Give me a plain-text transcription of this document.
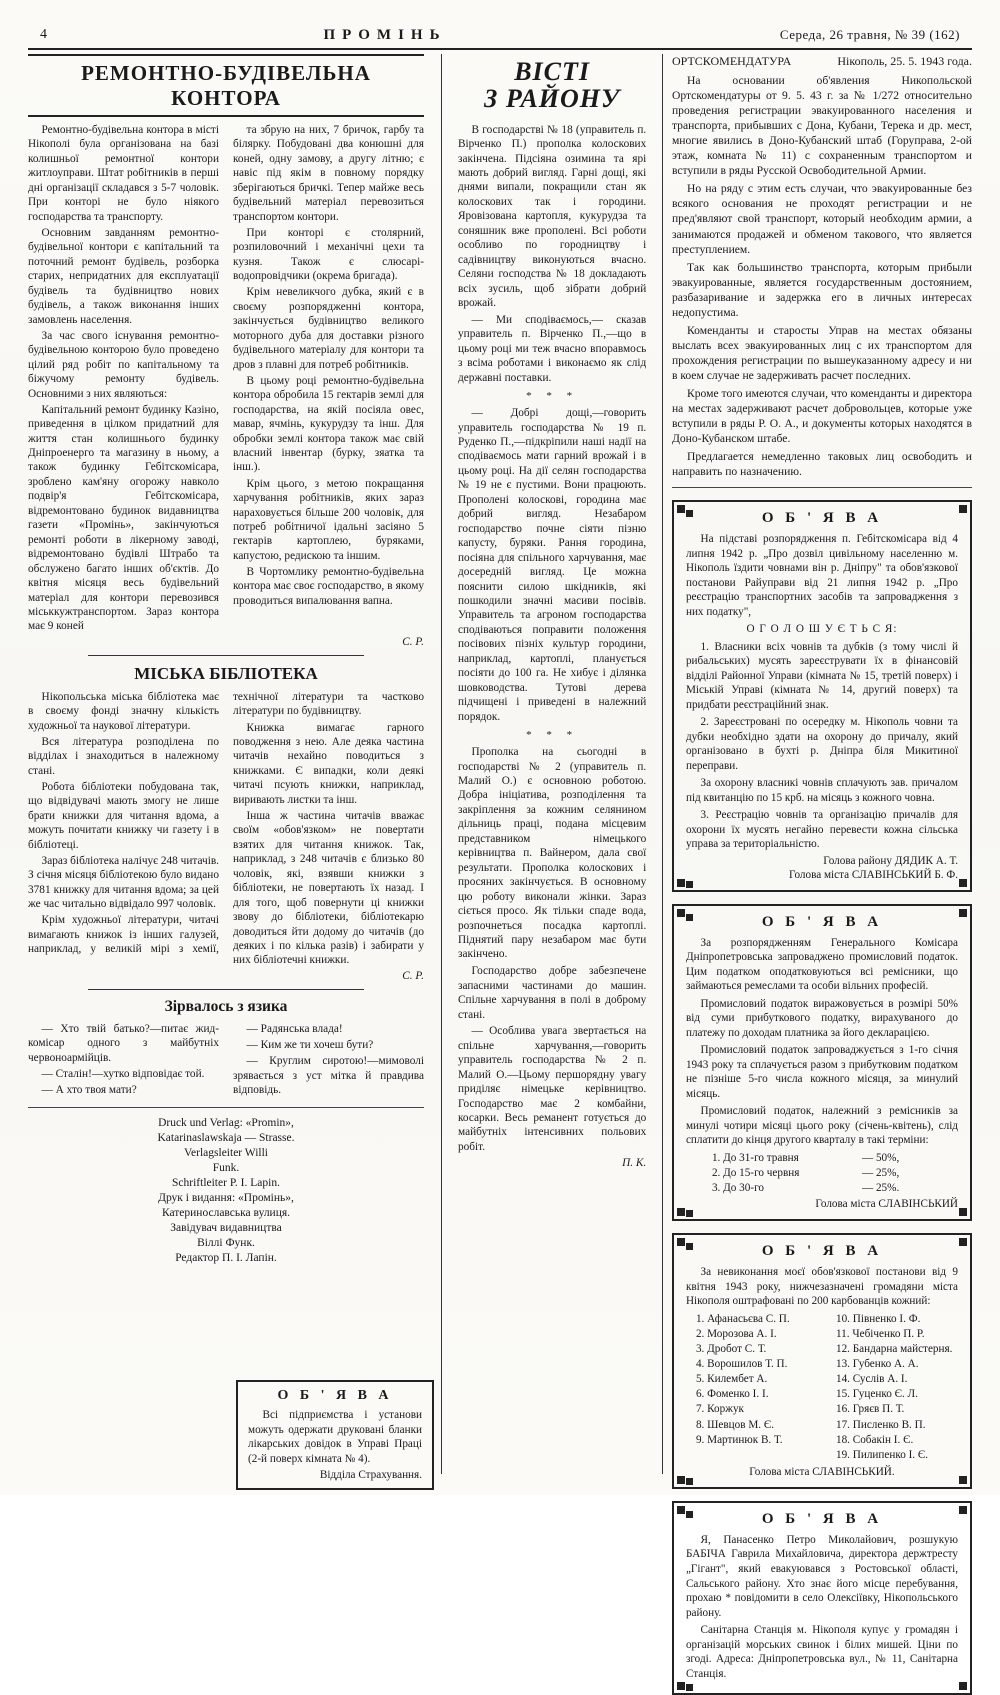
4	ПРОМІНЬ	Середа, 26 травня, № 39 (162)
РЕМОНТНО-БУДІВЕЛЬНА КОНТОРА

Ремонтно-будівельна контора в місті Нікополі була організована на базі колишньої ремонтної контори житлоуправи. Штат робітників в перші дні організації складався з 5-7 чоловік. При конторі не було ніякого господарства та транспорту.

Основним завданням ремонтно-будівельної контори є капітальний та поточний ремонт будівель, розборка старих, непридатних для експлуатації будівель та будівництво нових будівель, а також виконання інших замовлень населення.

За час свого існування ремонтно-будівельною конторою було проведено цілий ряд робіт по капітальному та біжучому ремонту будівель. Основними з них являються:

Капітальний ремонт будинку Казіно, приведення в цілком придатний для життя стан колишнього будинку Дніпроенерго та магазину в ньому, а також будинку Гебітскомісара, зроблено кам'яну огорожу навколо подвір'я Гебітскомісара, відремонтовано будинок видавництва газети «Промінь», закінчуються ремонті роботи в лікерному заводі, відремонтовано будівлі Штрабо та обслужено багато інших об'єктів. До квітня місяця весь будівельний матеріал для контори перевозився міськкужтранспортом. Зараз контора має 9 коней

та збрую на них, 7 бричок, гарбу та білярку. Побудовані два конюшні для коней, одну замову, а другу літню; є навіс під якім в повному порядку зберігаються бричкі. Тепер майже весь будівельний матеріал перевозиться транспортом контори.

При конторі є столярний, розпиловочний і механічні цехи та кузня. Також є слюсарі-водопровідчики (окрема бригада).

Крім невеликчого дубка, який є в своєму розпорядженні контора, закінчується будівництво великого моторного дуба для доставки різного будівельного матеріалу для контори та дров з плавні для потреб робітників.

В цьому році ремонтно-будівельна контора обробила 15 гектарів землі для господарства, на якій посіяла овес, мавар, ячмінь, кукурудзу та інш. Для обробки землі контора також має свій власний інвентар (бурку, зяатка та інш.).

Крім цього, з метою покращання харчування робітників, яких зараз нараховується більше 200 чоловік, для потреб робітничої ідальні засіяно 5 гектарів картоплею, буряками, капустою, редискою та іншим.

В Чортомлику ремонтно-будівельна контора має своє господарство, в якому проводиться випалювання вапна.

С. Р.
МІСЬКА БІБЛІОТЕКА

Нікопольська міська бібліотека має в своєму фонді значну кількість художньої та наукової літератури.

Вся література розподілена по відділах і знаходиться в належному стані.

Робота бібліотеки побудована так, що відвідувачі мають змогу не лише брати книжки для читання вдома, а можуть почитати книжку чи газету і в бібліотеці.

Зараз бібліотека налічує 248 читачів. З січня місяця бібліотекою було видано 3781 книжку для читання вдома; за цей же час читально відвідало 997 чоловік.

Крім художньої літератури, читачі вимагають книжок із інших галузей, наприклад, у великій мірі з хемії, технічної літератури та частково літератури по будівництву.

Книжка вимагає гарного поводження з нею. Але деяка частина читачів нехайно поводиться з книжками. Є випадки, коли деякі читачі псують книжки, наприклад, виривають листки та інш.

Інша ж частина читачів вважає своїм «обов'язком» не повертати взятих для читання книжок. Так, наприклад, з 248 читачів є близько 80 чоловік, які, взявши книжки з бібліотеки, не повертають їх назад. І для того, щоб повернути ці книжки звову до бібліотеки, бібліотекарю доводиться йти додому до читачів (до деяких і по кілька разів) і забирати у них бібліотечні книжки.

С. Р.
Зірвалось з язика

— Хто твій батько?—питає жид-комісар одного з майбутніх червоноармійців.

— Сталін!—хутко відповідає той.

— А хто твоя мати?

— Радянська влада!

— Ким же ти хочеш бути?

— Круглим сиротою!—мимоволі зрявається з уст мітка й правдива відповідь.

Druck und Verlag: «Promin»,
Katarinaslawskaja — Strasse.
Verlagsleiter Willi
Funk.
Schriftleiter P. I. Lapin.
Друк і видання: «Промінь»,
Катеринославська вулиця.
Завідувач видавництва
Віллі Функ.
Редактор П. І. Лапін.
ВІСТІ
З РАЙОНУ

В господарстві № 18 (управитель п. Вірченко П.) прополка колоскових закінчена. Підсіяна озимина та ярі мають добрий вигляд. Гарні дощі, які днями випали, покращили стан як колоскових так і городини. Яровізована картопля, кукурудза та соняшник вже прополені. Всі роботи особливо по городництву і садівництву виконуються вчасно. Селяни господства № 18 докладають всіх зусиль, щоб зібрати добрий врожай.

— Ми сподіваємось,— сказав управитель п. Вірченко П.,—що в цьому році ми теж вчасно впоравмось з всіма роботами і виконаємо як слід державні поставки.

* * *

— Добрі дощі,—говорить управитель господарства № 19 п. Руденко П.,—підкріпили наші надії на сподіваємось мати гарний врожай і в цьому році. На дії селян господарства № 19 не є пустими. Вони працюють. Прополені колоскові, городина має добрий вигляд. Незабаром господарство почне сіяти пізню капусту, буряки. Рання городина, посіяна для спільного харчування, має досередній вигляд. Це можна пояснити силою шкідників, які пошкодили значні масиви посівів. Управитель та агроном господарства сподіваються поправити положення посівових пізніх культур городини, наприклад, картоплі, планується посіяти до 100 га. Не хибує і ділянка шовководства. Тутові дерева підчищені і приведені в належний порядок.

* * *

Прополка на сьогодні в господарстві № 2 (управитель п. Малий О.) є основною роботою. Добра ініціатива, розподілення та закріплення за кожним селянином дільниць праці, подана місцевим представником німецького керівництва п. Вайнером, дала свої результати. Прополка колоскових і просяних закінчується. В основному цю роботу виконали жінки. Зараз сіється просо. Як тільки спаде вода, розпочнеться посадка картоплі. Піднятий пару незабаром має бути закінчено.

Господарство добре забезпечене запасними частинами до машин. Спільне харчування в полі в доброму стані.

— Особлива увага звертається на спільне харчування,—говорить управитель господарства № 2 п. Малий О.—Цьому першорядну увагу приділяє німецьке керівництво. Господарство має 2 комбайни, косарки. Весь реманент готується до майбутніх інтенсивних польових робіт.

П. К.
ОРТСКОМЕНДАТУРА	Нікополь, 25. 5. 1943 года.

На основании об'явления Никопольской Ортскомендатуры от 9. 5. 43 г. за № 1/272 относительно проведения регистрации эвакуированного населения и транспорта, прибывших с Дона, Кубани, Терека и др. мест, многие явились в Доно-Кубанский штаб (Горуправа, 2-ой этаж, комната № 11) с сохраненным транспортом и вступили в ряды Русской Освободительной Армии.

Но на ряду с этим есть случаи, что эвакуированные без всякого основания не проходят регистрации и не пред'являют свой транспорт, который необходим армии, а занимаются продажей и обменом такового, что является преступлением.

Так как большинство транспорта, которым прибыли эвакуированные, является государственным достоянием, разбазаривание и задержка его в личных интересах недопустима.

Коменданты и старосты Управ на местах обязаны выслать всех эвакуированных лиц с их транспортом для прохождения регистрации по вышеуказанному адресу и ни в коем случае не задерживать расчет последних.

Кроме того имеются случаи, что коменданты и директора на местах задерживают расчет добровольцев, которые уже вступили в ряды Р. О. А., и документы которых находятся в Доно-Кубанском штабе.

Предлагается немедленно таковых лиц освободить и направить по назначению.

О Б ' Я В А

На підставі розпорядження п. Гебітскомісара від 4 липня 1942 р. „Про дозвіл цивільному населенню м. Нікополь їздити човнами він р. Дніпру" та обов'язкової постанови Райуправи від 21 липня 1942 р. „Про реєстрацію транспортних засобів та запровадження з них податку",

О Г О Л О Ш У Є Т Ь С Я:

1. Власники всіх човнів та дубків (з тому числі й рибальських) мусять зареєструвати їх в фінансовій відділі Районної Управи (кімната № 15, третій поверх) і Міській Управі (кімната № 14, другий поверх) та придбати реєстраційний знак.

2. Зареєстровані по осередку м. Нікополь човни та дубки необхідно здати на охорону до причалу, який організовано в бухті р. Дніпра біля Микитиної переправи.

За охорону власникі човнів сплачують зав. причалом під квитанцію по 15 крб. на місяць з кожного човна.

3. Реєстрацію човнів та організацію причалів для охорони їх мусять негайно перевести кожна сільська управа за територіальністю.

Голова району ДЯДИК А. Т.
Голова міста СЛАВІНСЬКИЙ Б. Ф.
О Б ' Я В А

За розпорядженням Генерального Комісара Дніпропетровська запроваджено промисловий податок. Цим податком оподатковуються всі ремісники, що займаються ремеслами та особи вільних професій.

Промисловий податок виражовується в розмірі 50% від суми прибуткового податку, вирахуваного до платежу по доходам платника за його декларацією.

Промисловий податок запроваджується з 1-го січня 1943 року та сплачується разом з прибутковим податком не пізніше 5-го числа кожного місяця, за минулий місяць.

Промисловий податок, належний з ремісників за минулі чотири місяці цього року (січень-квітень), слід сплатити до кінця другого кварталу в такі терміни:

1. До 31-го травня	— 50%,
2. До 15-го червня	— 25%,
3. До 30-го	— 25%.
Голова міста СЛАВІНСЬКИЙ
О Б ' Я В А

За невиконання моєї обов'язкової постанови від 9 квітня 1943 року, нижчезазначені громадяни міста Нікополя оштрафовані по 200 карбованців кожний:

1. Афанасьєва С. П.
2. Морозова А. І.
3. Дробот С. Т.
4. Ворошилов Т. П.
5. Килембет А.
6. Фоменко І. І.
7. Коржук
8. Шевцов М. Є.
9. Мартинюк В. Т.
10. Півненко І. Ф.
11. Чебіченко П. Р.
12. Бандарна майстерня.
13. Губенко А. А.
14. Суслів А. І.
15. Гуценко Є. Л.
16. Гряєв П. Т.
17. Писленко В. П.
18. Собакін І. Є.
19. Пилипенко І. Є.
Голова міста СЛАВІНСЬКИЙ.
О Б ' Я В А

Я, Панасенко Петро Миколайович, розшукую БАБІЧА Гаврила Михайловича, директора держтресту „Гігант", який евакуювався з Ростовської області, Сальського району. Хто знає його місце перебування, прохаю * повідомити в село Олексіївку, Нікопольського району.

Санітарна Станція м. Нікополя купує у громадян і організацій морських свинок і білих мишей. Ціни по згоді. Адреса: Дніпропетровська вул., № 11, Санітарна Станція.

О Б ' Я В А

Всі підприємства і установи можуть одержати друковані бланки лікарських довідок в Управі Праці (2-й поверх кімната № 4).

Відділа Страхування.
